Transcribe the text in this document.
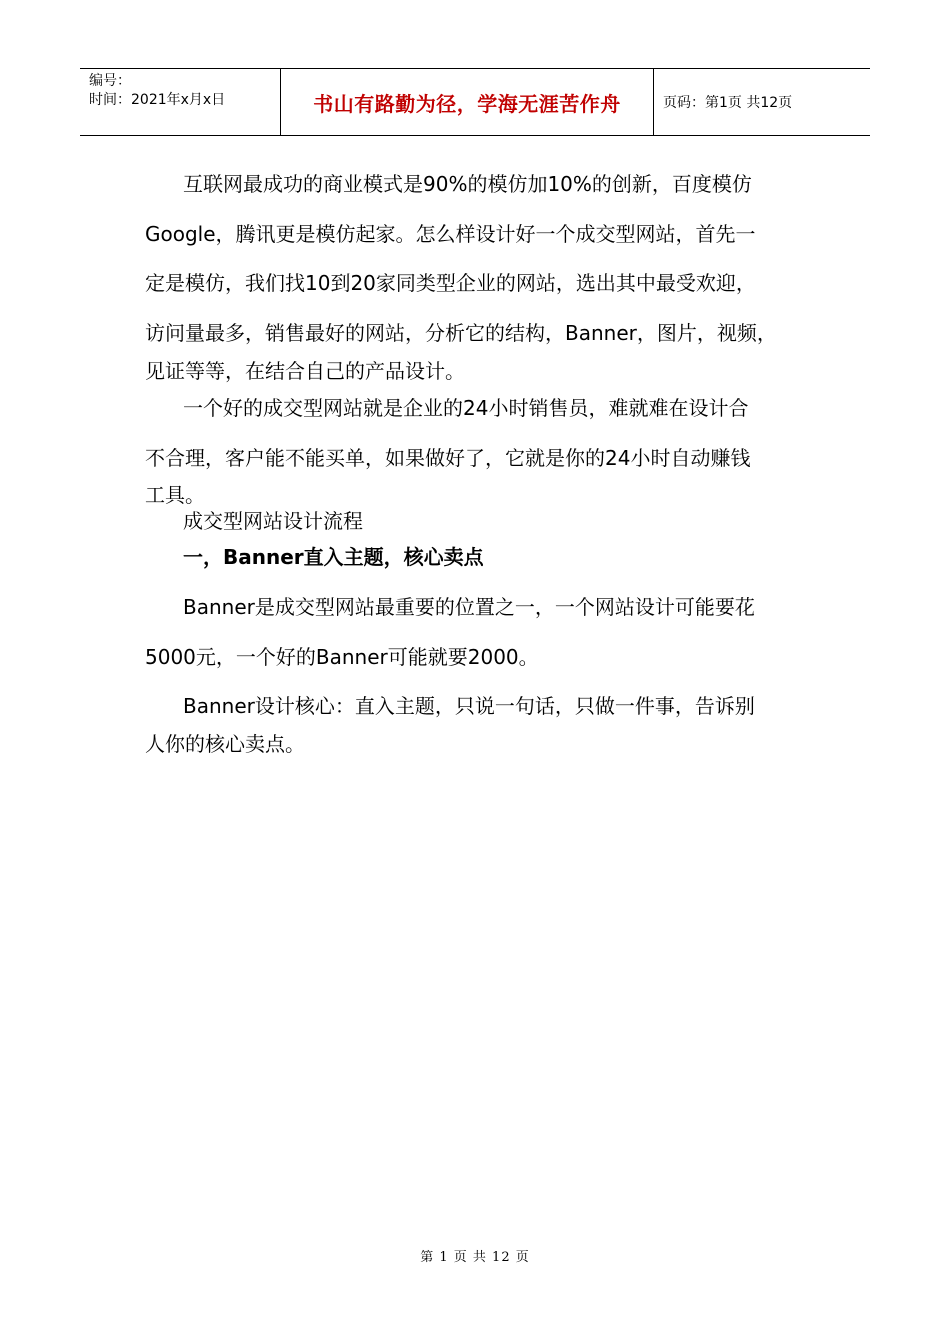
编号：
时间：2021年x月x日	书山有路勤为径，学海无涯苦作舟	页码：第1页 共12页
互联网最成功的商业模式是90%的模仿加10%的创新，百度模仿
Google，腾讯更是模仿起家。怎么样设计好一个成交型网站，首先一
定是模仿，我们找10到20家同类型企业的网站，选出其中最受欢迎，
访问量最多，销售最好的网站，分析它的结构，Banner，图片，视频，
见证等等，在结合自己的产品设计。
一个好的成交型网站就是企业的24小时销售员，难就难在设计合
不合理，客户能不能买单，如果做好了，它就是你的24小时自动赚钱
工具。
成交型网站设计流程
一，Banner直入主题，核心卖点
Banner是成交型网站最重要的位置之一，一个网站设计可能要花
5000元，一个好的Banner可能就要2000。
Banner设计核心：直入主题，只说一句话，只做一件事，告诉别
人你的核心卖点。
第 1 页 共 12 页
